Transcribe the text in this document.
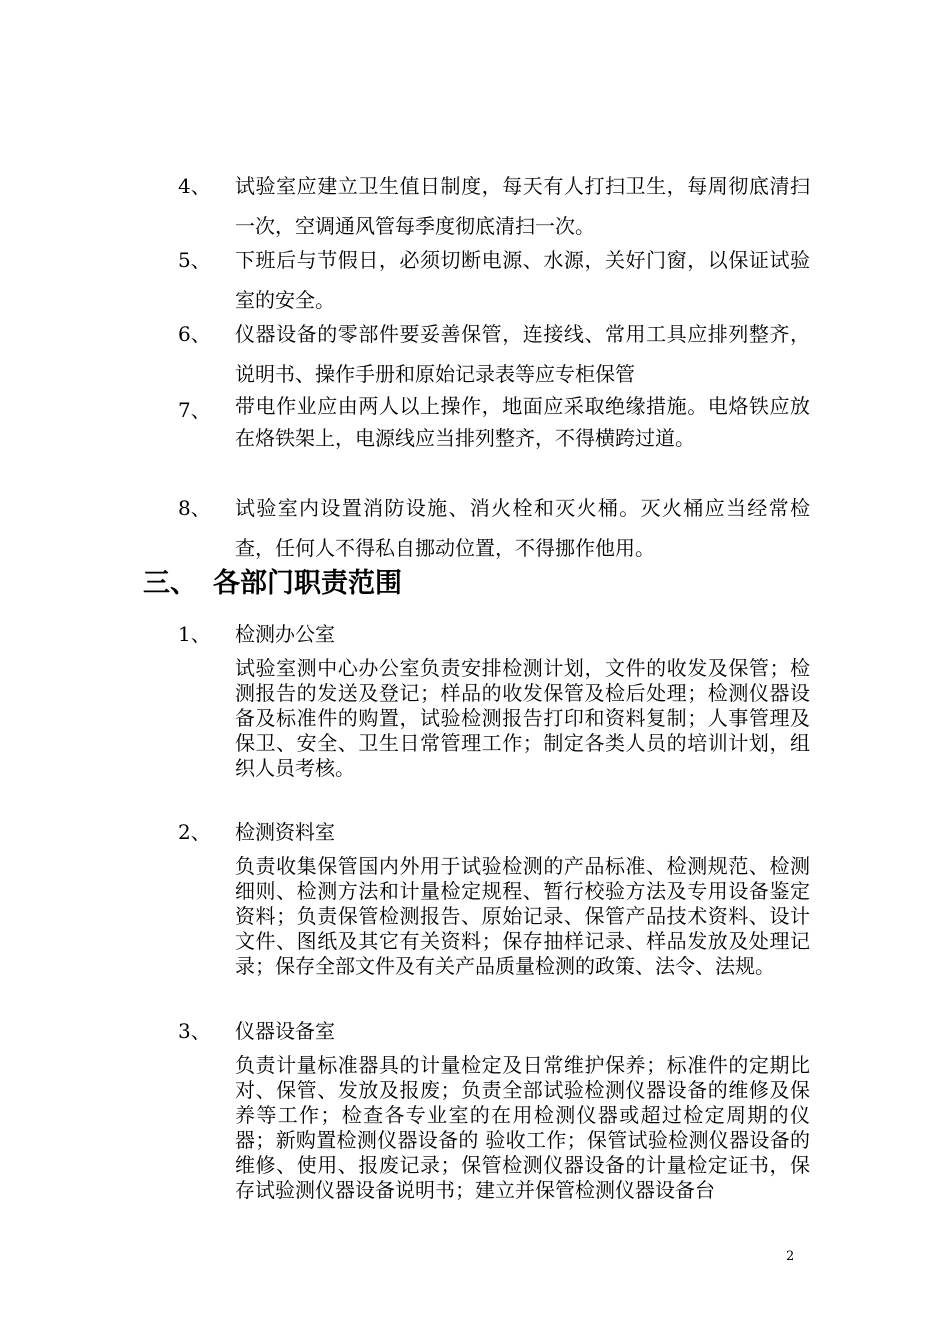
4、 试验室应建立卫生值日制度，每天有人打扫卫生，每周彻底清扫一次，空调通风管每季度彻底清扫一次。
5、 下班后与节假日，必须切断电源、水源，关好门窗，以保证试验室的安全。
6、 仪器设备的零部件要妥善保管，连接线、常用工具应排列整齐，说明书、操作手册和原始记录表等应专柜保管
7、 带电作业应由两人以上操作，地面应采取绝缘措施。电烙铁应放在烙铁架上，电源线应当排列整齐，不得横跨过道。
8、 试验室内设置消防设施、消火栓和灭火桶。灭火桶应当经常检查，任何人不得私自挪动位置，不得挪作他用。
三、 各部门职责范围
1、 检测办公室
试验室测中心办公室负责安排检测计划，文件的收发及保管；检测报告的发送及登记；样品的收发保管及检后处理；检测仪器设备及标准件的购置，试验检测报告打印和资料复制；人事管理及保卫、安全、卫生日常管理工作；制定各类人员的培训计划，组织人员考核。
2、 检测资料室
负责收集保管国内外用于试验检测的产品标准、检测规范、检测细则、检测方法和计量检定规程、暂行校验方法及专用设备鉴定资料；负责保管检测报告、原始记录、保管产品技术资料、设计文件、图纸及其它有关资料；保存抽样记录、样品发放及处理记录；保存全部文件及有关产品质量检测的政策、法令、法规。
3、 仪器设备室
负责计量标准器具的计量检定及日常维护保养；标准件的定期比对、保管、发放及报废；负责全部试验检测仪器设备的维修及保养等工作；检查各专业室的在用检测仪器或超过检定周期的仪器；新购置检测仪器设备的 验收工作；保管试验检测仪器设备的维修、使用、报废记录；保管检测仪器设备的计量检定证书，保存试验测仪器设备说明书；建立并保管检测仪器设备台
2
